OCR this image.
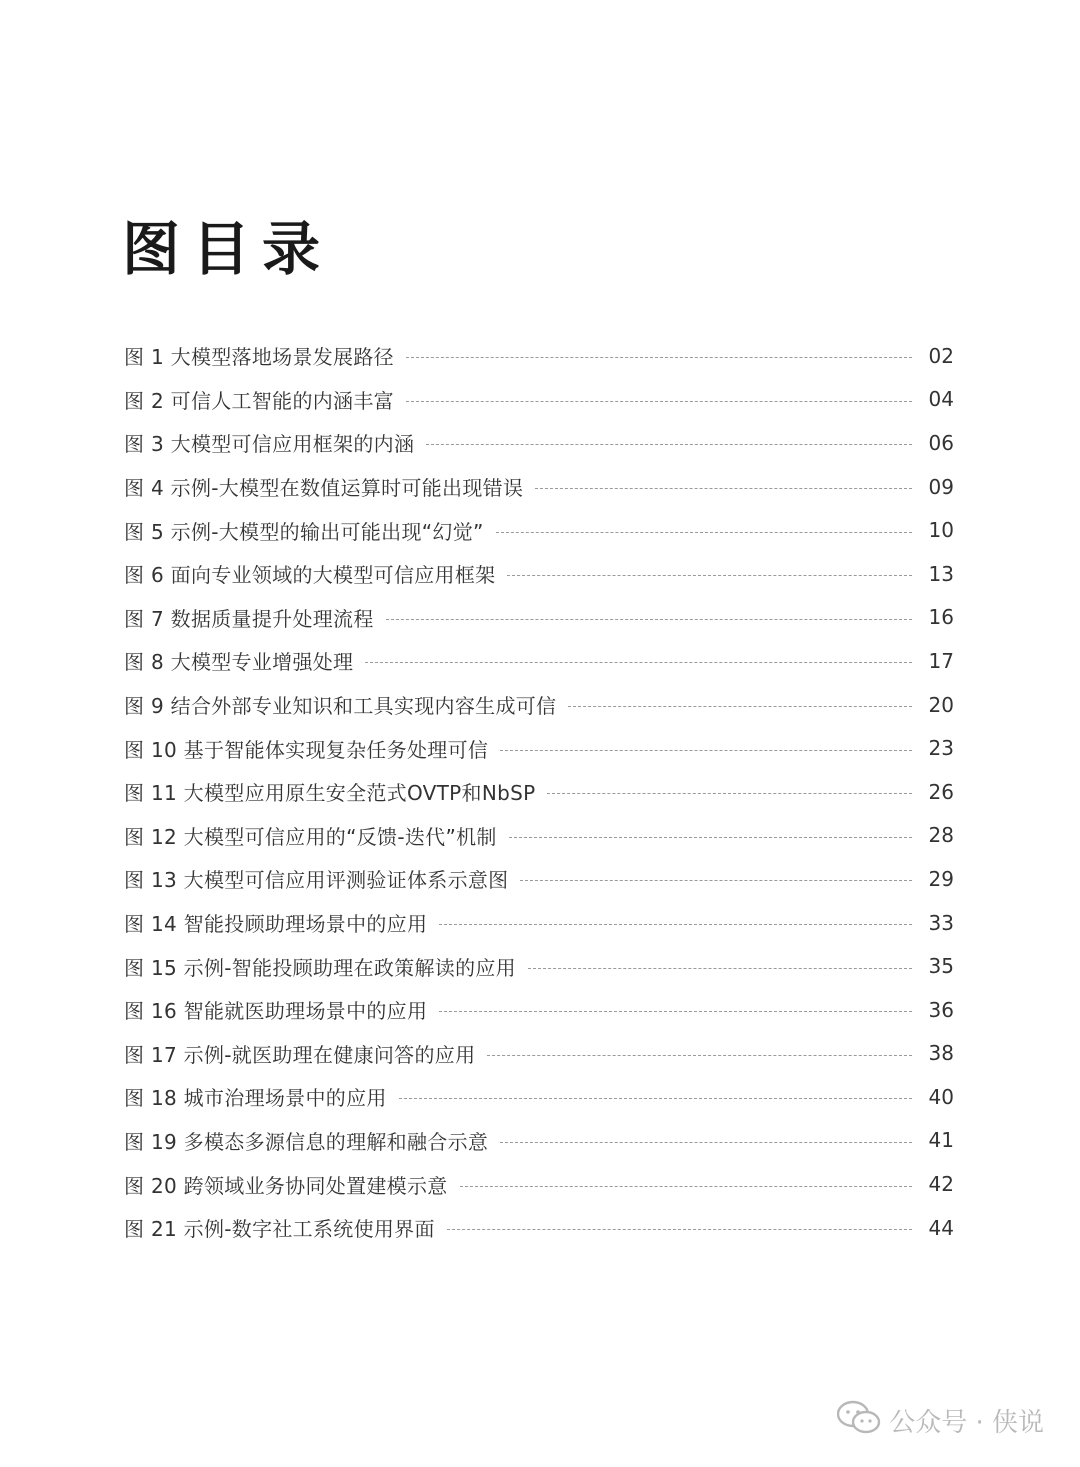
图目录
图 1 大模型落地场景发展路径	02
图 2 可信人工智能的内涵丰富	04
图 3 大模型可信应用框架的内涵	06
图 4 示例-大模型在数值运算时可能出现错误	09
图 5 示例-大模型的输出可能出现“幻觉”	10
图 6 面向专业领域的大模型可信应用框架	13
图 7 数据质量提升处理流程	16
图 8 大模型专业增强处理	17
图 9 结合外部专业知识和工具实现内容生成可信	20
图 10 基于智能体实现复杂任务处理可信	23
图 11 大模型应用原生安全范式OVTP和NbSP	26
图 12 大模型可信应用的“反馈-迭代”机制	28
图 13 大模型可信应用评测验证体系示意图	29
图 14 智能投顾助理场景中的应用	33
图 15 示例-智能投顾助理在政策解读的应用	35
图 16 智能就医助理场景中的应用	36
图 17 示例-就医助理在健康问答的应用	38
图 18 城市治理场景中的应用	40
图 19 多模态多源信息的理解和融合示意	41
图 20 跨领域业务协同处置建模示意	42
图 21 示例-数字社工系统使用界面	44
公众号 · 侠说
